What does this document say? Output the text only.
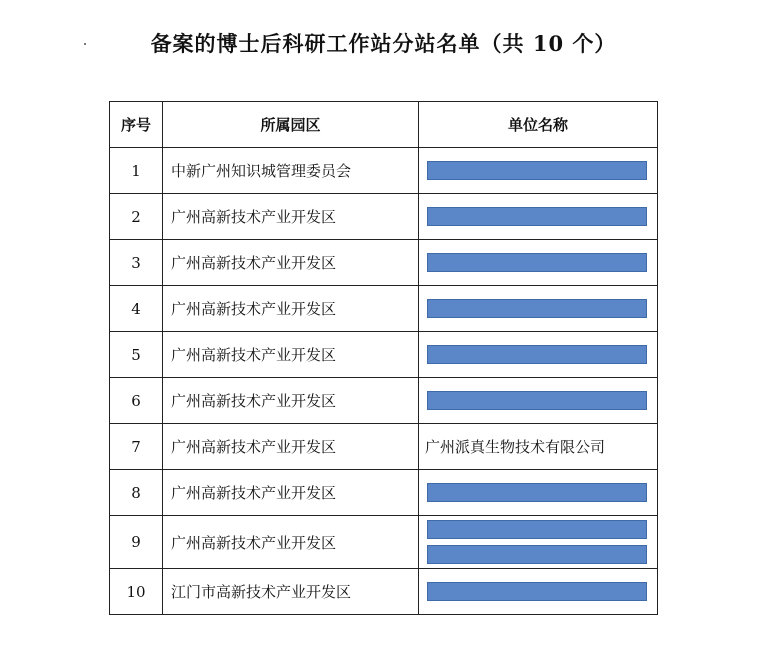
备案的博士后科研工作站分站名单（共 10 个）
序号	所属园区	单位名称
1	中新广州知识城管理委员会	

2	广州高新技术产业开发区	

3	广州高新技术产业开发区	

4	广州高新技术产业开发区	

5	广州高新技术产业开发区	

6	广州高新技术产业开发区	

7	广州高新技术产业开发区	广州派真生物技术有限公司
8	广州高新技术产业开发区	

9	广州高新技术产业开发区	

10	江门市高新技术产业开发区	
